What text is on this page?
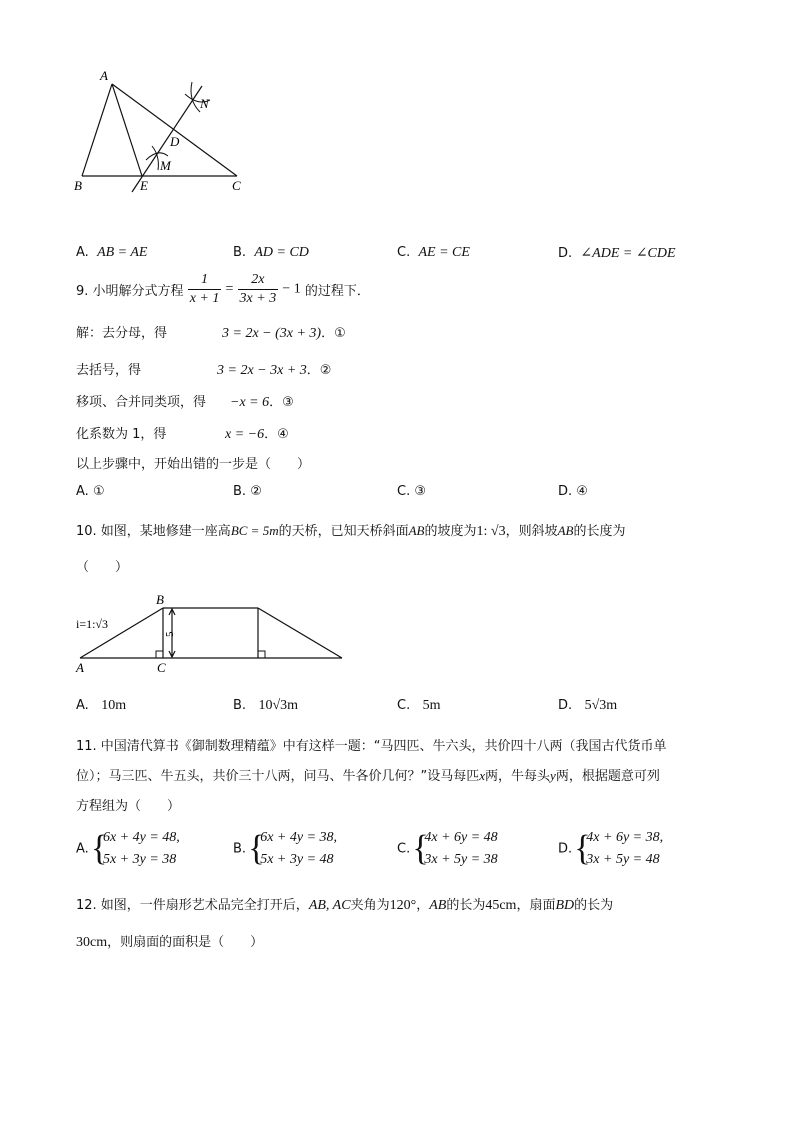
A
B	E	C
D
M
N
A. AB = AE	B. AD = CD	C. AE = CE	D. ∠ADE = ∠CDE
9. 小明解分式方程 $\frac{1}{x + 1} = \frac{2x}{3x + 3} - 1$ 的过程下．
解：去分母，得	3 = 2x − (3x + 3)．①
去括号，得	3 = 2x − 3x + 3．②
移项、合并同类项，得 −x = 6．③
化系数为 1，得	x = −6．④
以上步骤中，开始出错的一步是（　　）
A. ①	B. ②	C. ③	D. ④
10. 如图，某地修建一座高BC = 5m的天桥，已知天桥斜面AB的坡度为1: √3，则斜坡AB的长度为
（　　）
5
i=1:√3
A
B
C
A. 10m	B. 10√3m	C. 5m	D. 5√3m
11. 中国清代算书《御制数理精蕴》中有这样一题：“马四匹、牛六头，共价四十八两（我国古代货币单
位）；马三匹、牛五头，共价三十八两，问马、牛各价几何？”设马每匹x两，牛每头y两，根据题意可列
方程组为（　　）
A. {
6x + 4y = 48,
5x + 3y = 38
B. {
6x + 4y = 38,
5x + 3y = 48
C. {
4x + 6y = 48
3x + 5y = 38
D. {
4x + 6y = 38,
3x + 5y = 48
12. 如图，一件扇形艺术品完全打开后，AB, AC夹角为120°，AB的长为45cm，扇面BD的长为
30cm，则扇面的面积是（　　）
